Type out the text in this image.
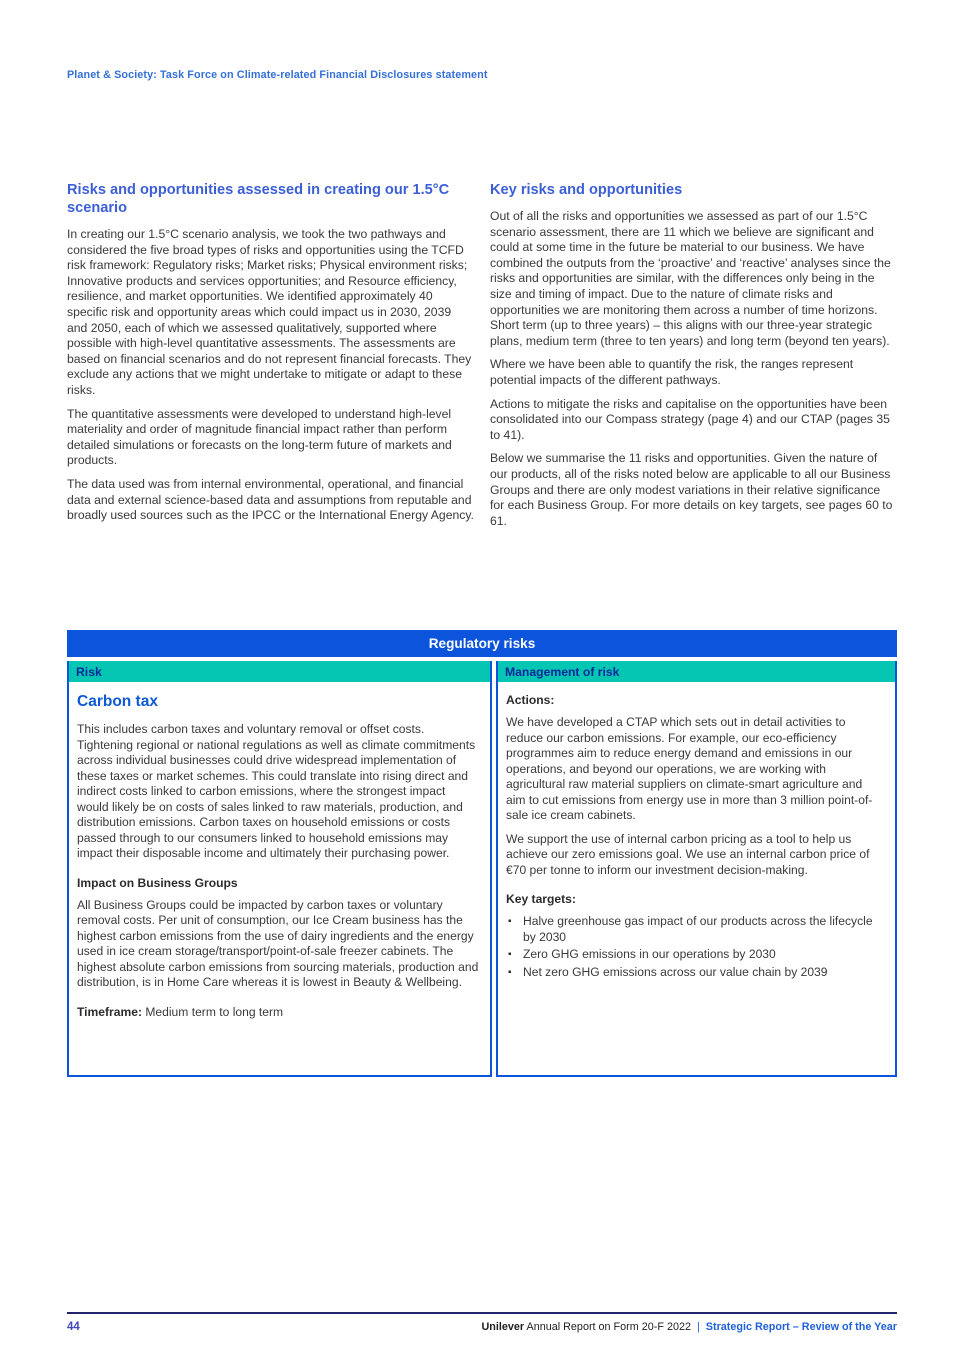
Planet & Society: Task Force on Climate-related Financial Disclosures statement
Risks and opportunities assessed in creating our 1.5°C scenario

In creating our 1.5°C scenario analysis, we took the two pathways and considered the five broad types of risks and opportunities using the TCFD risk framework: Regulatory risks; Market risks; Physical environment risks; Innovative products and services opportunities; and Resource efficiency, resilience, and market opportunities. We identified approximately 40 specific risk and opportunity areas which could impact us in 2030, 2039 and 2050, each of which we assessed qualitatively, supported where possible with high-level quantitative assessments. The assessments are based on financial scenarios and do not represent financial forecasts. They exclude any actions that we might undertake to mitigate or adapt to these risks.

The quantitative assessments were developed to understand high-level materiality and order of magnitude financial impact rather than perform detailed simulations or forecasts on the long-term future of markets and products.

The data used was from internal environmental, operational, and financial data and external science-based data and assumptions from reputable and broadly used sources such as the IPCC or the International Energy Agency.

Key risks and opportunities

Out of all the risks and opportunities we assessed as part of our 1.5°C scenario assessment, there are 11 which we believe are significant and could at some time in the future be material to our business. We have combined the outputs from the ‘proactive’ and ‘reactive’ analyses since the risks and opportunities are similar, with the differences only being in the size and timing of impact. Due to the nature of climate risks and opportunities we are monitoring them across a number of time horizons. Short term (up to three years) – this aligns with our three-year strategic plans, medium term (three to ten years) and long term (beyond ten years).

Where we have been able to quantify the risk, the ranges represent potential impacts of the different pathways.

Actions to mitigate the risks and capitalise on the opportunities have been consolidated into our Compass strategy (page 4) and our CTAP (pages 35 to 41).

Below we summarise the 11 risks and opportunities. Given the nature of our products, all of the risks noted below are applicable to all our Business Groups and there are only modest variations in their relative significance for each Business Group. For more details on key targets, see pages 60 to 61.

Regulatory risks
Risk
Carbon tax

This includes carbon taxes and voluntary removal or offset costs. Tightening regional or national regulations as well as climate commitments across individual businesses could drive widespread implementation of these taxes or market schemes. This could translate into rising direct and indirect costs linked to carbon emissions, where the strongest impact would likely be on costs of sales linked to raw materials, production, and distribution emissions. Carbon taxes on household emissions or costs passed through to our consumers linked to household emissions may impact their disposable income and ultimately their purchasing power.

Impact on Business Groups

All Business Groups could be impacted by carbon taxes or voluntary removal costs. Per unit of consumption, our Ice Cream business has the highest carbon emissions from the use of dairy ingredients and the energy used in ice cream storage/transport/point-of-sale freezer cabinets. The highest absolute carbon emissions from sourcing materials, production and distribution, is in Home Care whereas it is lowest in Beauty & Wellbeing.

Timeframe: Medium term to long term
Management of risk
Actions:

We have developed a CTAP which sets out in detail activities to reduce our carbon emissions. For example, our eco-efficiency programmes aim to reduce energy demand and emissions in our operations, and beyond our operations, we are working with agricultural raw material suppliers on climate-smart agriculture and aim to cut emissions from energy use in more than 3 million point-of-sale ice cream cabinets.

We support the use of internal carbon pricing as a tool to help us achieve our zero emissions goal. We use an internal carbon price of €70 per tonne to inform our investment decision-making.

Key targets:
▪ Halve greenhouse gas impact of our products across the lifecycle by 2030
▪ Zero GHG emissions in our operations by 2030
▪ Net zero GHG emissions across our value chain by 2039
44	Unilever Annual Report on Form 20-F 2022 | Strategic Report – Review of the Year
